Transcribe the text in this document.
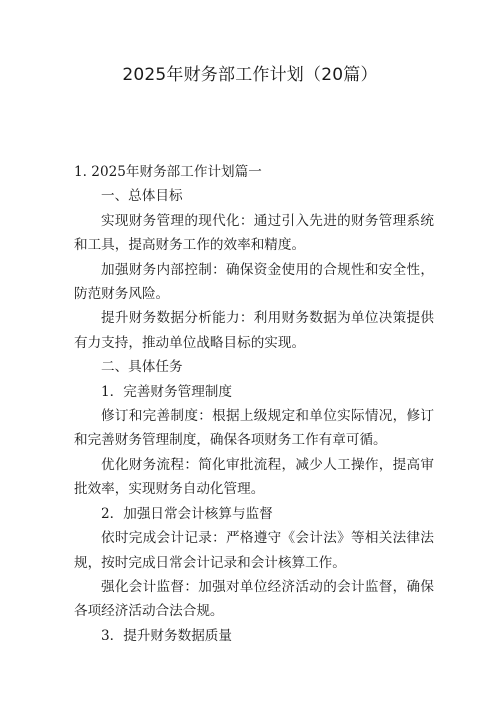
2025年财务部工作计划（20篇）

1. 2025年财务部工作计划篇一

一、总体目标

实现财务管理的现代化：通过引入先进的财务管理系统和工具，提高财务工作的效率和精度。

加强财务内部控制：确保资金使用的合规性和安全性，防范财务风险。

提升财务数据分析能力：利用财务数据为单位决策提供有力支持，推动单位战略目标的实现。

二、具体任务

1．完善财务管理制度

修订和完善制度：根据上级规定和单位实际情况，修订和完善财务管理制度，确保各项财务工作有章可循。

优化财务流程：简化审批流程，减少人工操作，提高审批效率，实现财务自动化管理。

2．加强日常会计核算与监督

依时完成会计记录：严格遵守《会计法》等相关法律法规，按时完成日常会计记录和会计核算工作。

强化会计监督：加强对单位经济活动的会计监督，确保各项经济活动合法合规。

3．提升财务数据质量
